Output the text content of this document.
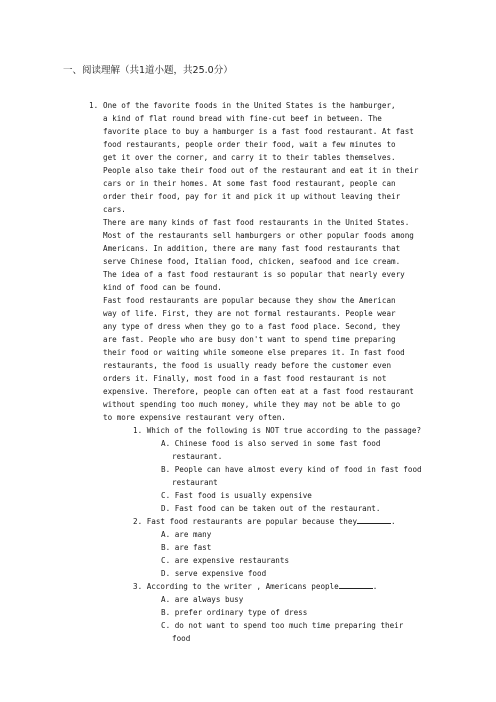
一、阅读理解（共1道小题，共25.0分）
1. One of the favorite foods in the United States is the hamburger,
a kind of flat round bread with fine-cut beef in between. The
favorite place to buy a hamburger is a fast food restaurant. At fast
food restaurants, people order their food, wait a few minutes to
get it over the corner, and carry it to their tables themselves.
People also take their food out of the restaurant and eat it in their
cars or in their homes. At some fast food restaurant, people can
order their food, pay for it and pick it up without leaving their
cars.
There are many kinds of fast food restaurants in the United States.
Most of the restaurants sell hamburgers or other popular foods among
Americans. In addition, there are many fast food restaurants that
serve Chinese food, Italian food, chicken, seafood and ice cream.
The idea of a fast food restaurant is so popular that nearly every
kind of food can be found.
Fast food restaurants are popular because they show the American
way of life. First, they are not formal restaurants. People wear
any type of dress when they go to a fast food place. Second, they
are fast. People who are busy don't want to spend time preparing
their food or waiting while someone else prepares it. In fast food
restaurants, the food is usually ready before the customer even
orders it. Finally, most food in a fast food restaurant is not
expensive. Therefore, people can often eat at a fast food restaurant
without spending too much money, while they may not be able to go
to more expensive restaurant very often.
1. Which of the following is NOT true according to the passage?
A. Chinese food is also served in some fast food restaurant.
B. People can have almost every kind of food in fast food restaurant
C. Fast food is usually expensive
D. Fast food can be taken out of the restaurant.
2. Fast food restaurants are popular because they	.
A. are many
B. are fast
C. are expensive restaurants
D. serve expensive food
3. According to the writer , Americans people	.
A. are always busy
B. prefer ordinary type of dress
C. do not want to spend too much time preparing their food
